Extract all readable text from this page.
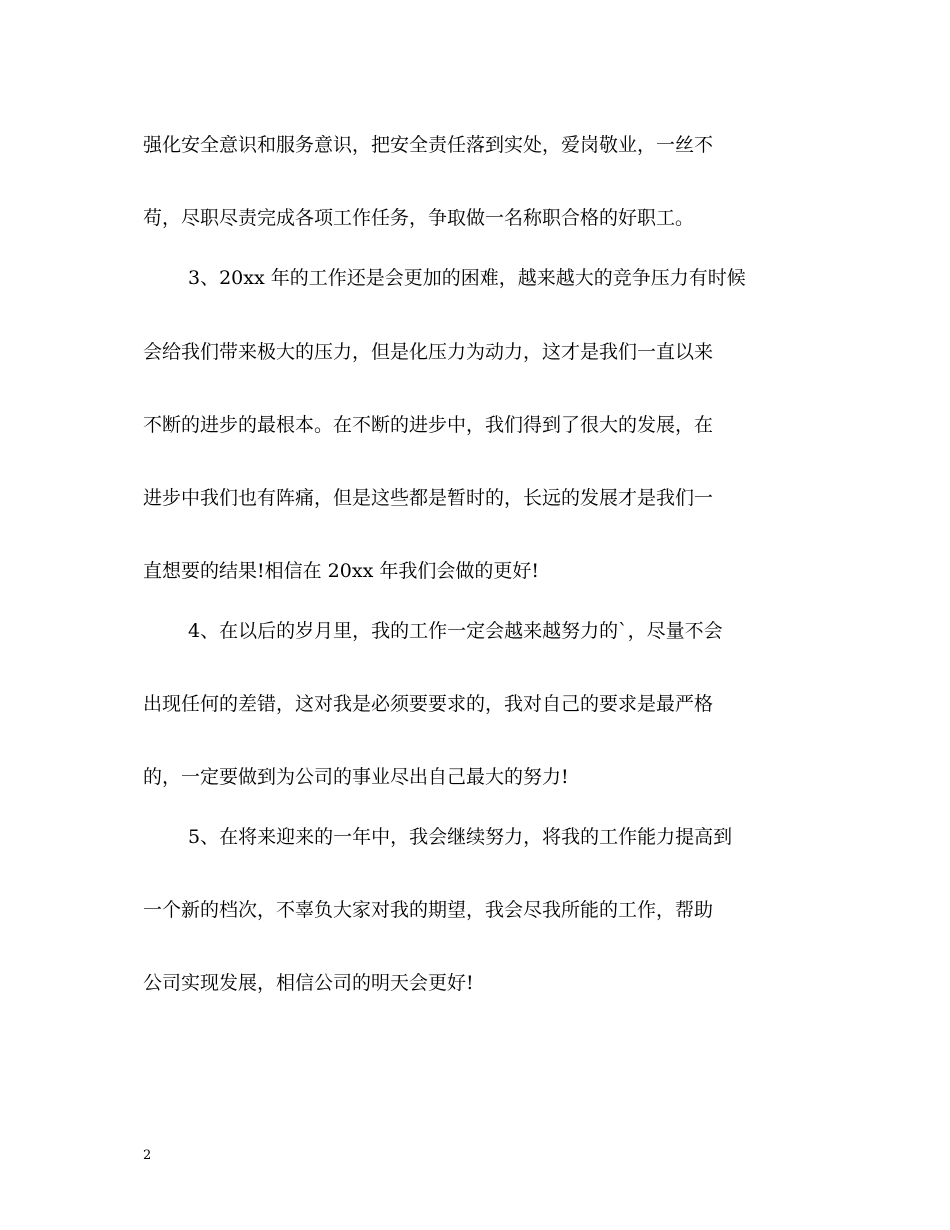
强化安全意识和服务意识，把安全责任落到实处，爱岗敬业，一丝不
苟，尽职尽责完成各项工作任务，争取做一名称职合格的好职工。
3、20xx 年的工作还是会更加的困难，越来越大的竞争压力有时候
会给我们带来极大的压力，但是化压力为动力，这才是我们一直以来
不断的进步的最根本。在不断的进步中，我们得到了很大的发展，在
进步中我们也有阵痛，但是这些都是暂时的，长远的发展才是我们一
直想要的结果!相信在 20xx 年我们会做的更好!
4、在以后的岁月里，我的工作一定会越来越努力的`，尽量不会
出现任何的差错，这对我是必须要要求的，我对自己的要求是最严格
的，一定要做到为公司的事业尽出自己最大的努力!
5、在将来迎来的一年中，我会继续努力，将我的工作能力提高到
一个新的档次，不辜负大家对我的期望，我会尽我所能的工作，帮助
公司实现发展，相信公司的明天会更好!
2
